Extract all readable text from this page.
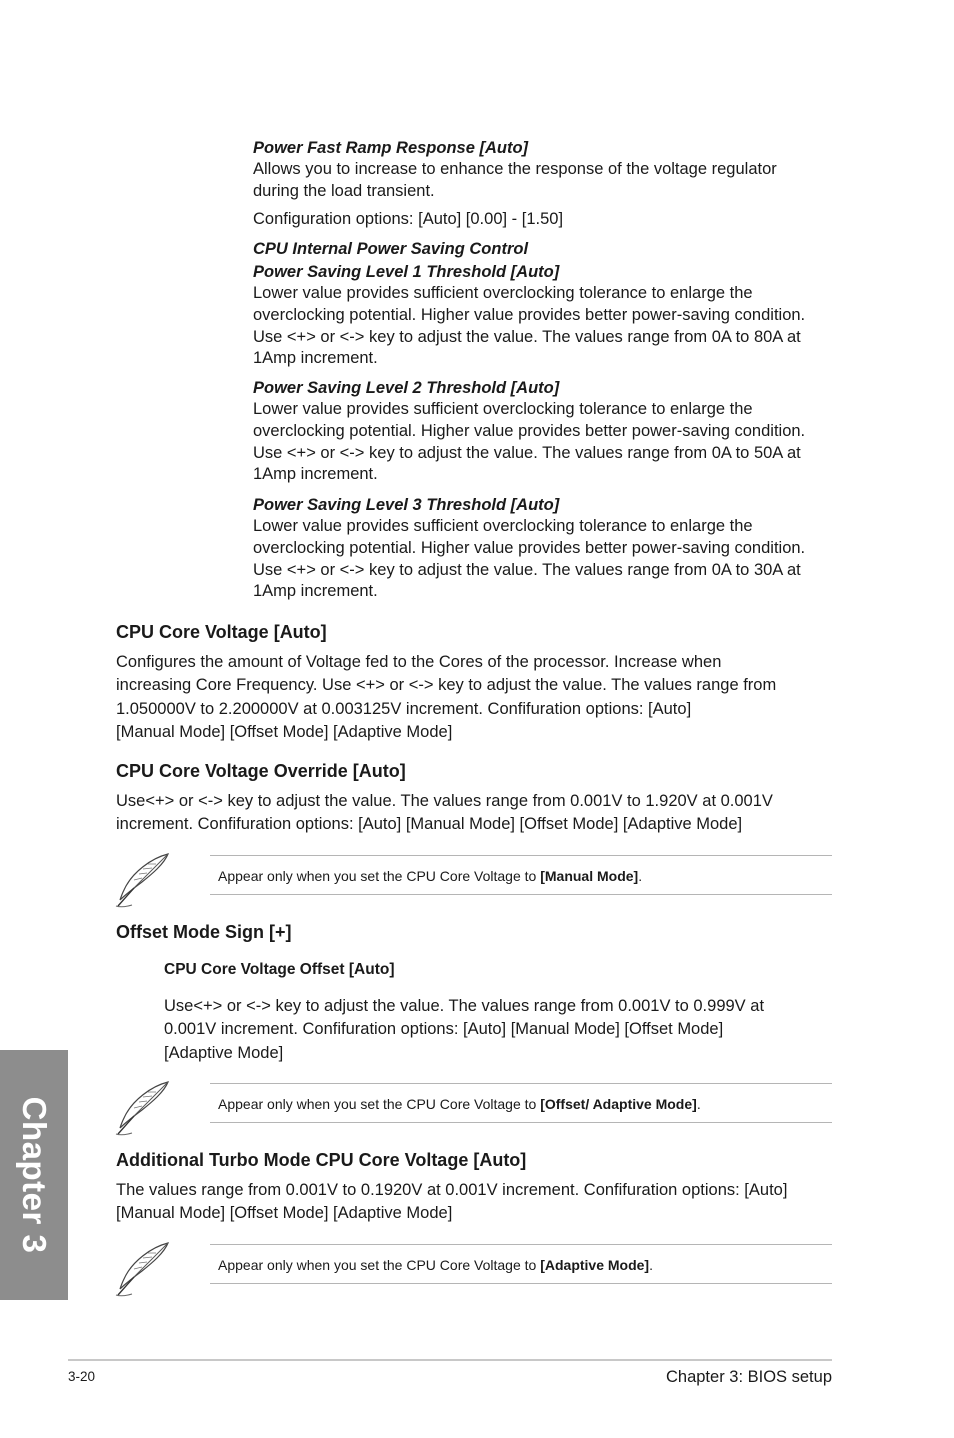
Power Fast Ramp Response [Auto]
Allows you to increase to enhance the response of the voltage regulator
during the load transient.
Configuration options: [Auto] [0.00] - [1.50]
CPU Internal Power Saving Control
Power Saving Level 1 Threshold [Auto]
Lower value provides sufficient overclocking tolerance to enlarge the
overclocking potential. Higher value provides better power-saving condition.
Use <+> or <-> key to adjust the value. The values range from 0A to 80A at
1Amp increment.
Power Saving Level 2 Threshold [Auto]
Lower value provides sufficient overclocking tolerance to enlarge the
overclocking potential. Higher value provides better power-saving condition.
Use <+> or <-> key to adjust the value. The values range from 0A to 50A at
1Amp increment.
Power Saving Level 3 Threshold [Auto]
Lower value provides sufficient overclocking tolerance to enlarge the
overclocking potential. Higher value provides better power-saving condition.
Use <+> or <-> key to adjust the value. The values range from 0A to 30A at
1Amp increment.
CPU Core Voltage [Auto]
Configures the amount of Voltage fed to the Cores of the processor. Increase when
increasing Core Frequency. Use <+> or <-> key to adjust the value. The values range from
1.050000V to 2.200000V at 0.003125V increment. Confifuration options: [Auto]
[Manual Mode] [Offset Mode] [Adaptive Mode]
CPU Core Voltage Override [Auto]
Use<+> or <-> key to adjust the value. The values range from 0.001V to 1.920V at 0.001V
increment. Confifuration options: [Auto] [Manual Mode] [Offset Mode] [Adaptive Mode]
Appear only when you set the CPU Core Voltage to [Manual Mode].
Offset Mode Sign [+]
CPU Core Voltage Offset [Auto]
Use<+> or <-> key to adjust the value. The values range from 0.001V to 0.999V at
0.001V increment. Confifuration options: [Auto] [Manual Mode] [Offset Mode]
[Adaptive Mode]
Appear only when you set the CPU Core Voltage to [Offset/ Adaptive Mode].
Additional Turbo Mode CPU Core Voltage [Auto]
The values range from 0.001V to 0.1920V at 0.001V increment. Confifuration options: [Auto]
[Manual Mode] [Offset Mode] [Adaptive Mode]
Appear only when you set the CPU Core Voltage to [Adaptive Mode].
Chapter 3
3-20	Chapter 3: BIOS setup
